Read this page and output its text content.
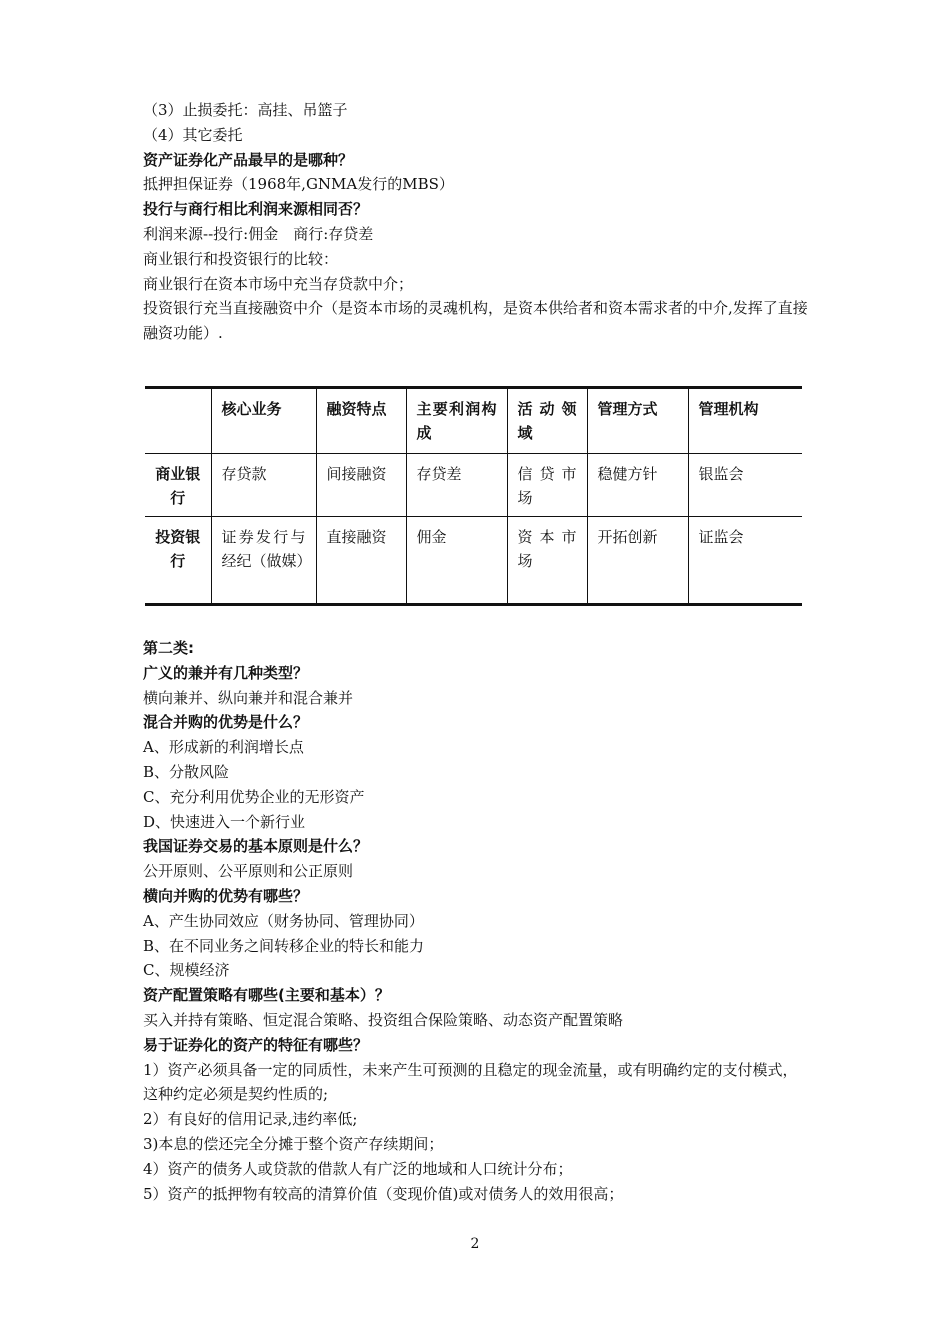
（3）止损委托：高挂、吊篮子
（4）其它委托
资产证券化产品最早的是哪种？
抵押担保证券（1968年,GNMA发行的MBS）
投行与商行相比利润来源相同否？
利润来源--投行:佣金　商行:存贷差
商业银行和投资银行的比较：
商业银行在资本市场中充当存贷款中介；
投资银行充当直接融资中介（是资本市场的灵魂机构，是资本供给者和资本需求者的中介,发挥了直接融资功能）.
	核心业务	融资特点	主要利润构成	活动领域	管理方式	管理机构
商业银行	存贷款	间接融资	存贷差	信贷市场	稳健方针	银监会
投资银行	证券发行与经纪（做媒）	直接融资	佣金	资本市场	开拓创新	证监会
第二类:
广义的兼并有几种类型？
横向兼并、纵向兼并和混合兼并
混合并购的优势是什么？
A、形成新的利润增长点
B、分散风险
C、充分利用优势企业的无形资产
D、快速进入一个新行业
我国证券交易的基本原则是什么？
公开原则、公平原则和公正原则
横向并购的优势有哪些？
A、产生协同效应（财务协同、管理协同）
B、在不同业务之间转移企业的特长和能力
C、规模经济
资产配置策略有哪些(主要和基本）？
买入并持有策略、恒定混合策略、投资组合保险策略、动态资产配置策略
易于证券化的资产的特征有哪些？
1）资产必须具备一定的同质性，未来产生可预测的且稳定的现金流量，或有明确约定的支付模式，这种约定必须是契约性质的;
2）有良好的信用记录,违约率低;
3)本息的偿还完全分摊于整个资产存续期间；
4）资产的债务人或贷款的借款人有广泛的地域和人口统计分布；
5）资产的抵押物有较高的清算价值（变现价值)或对债务人的效用很高；
2
